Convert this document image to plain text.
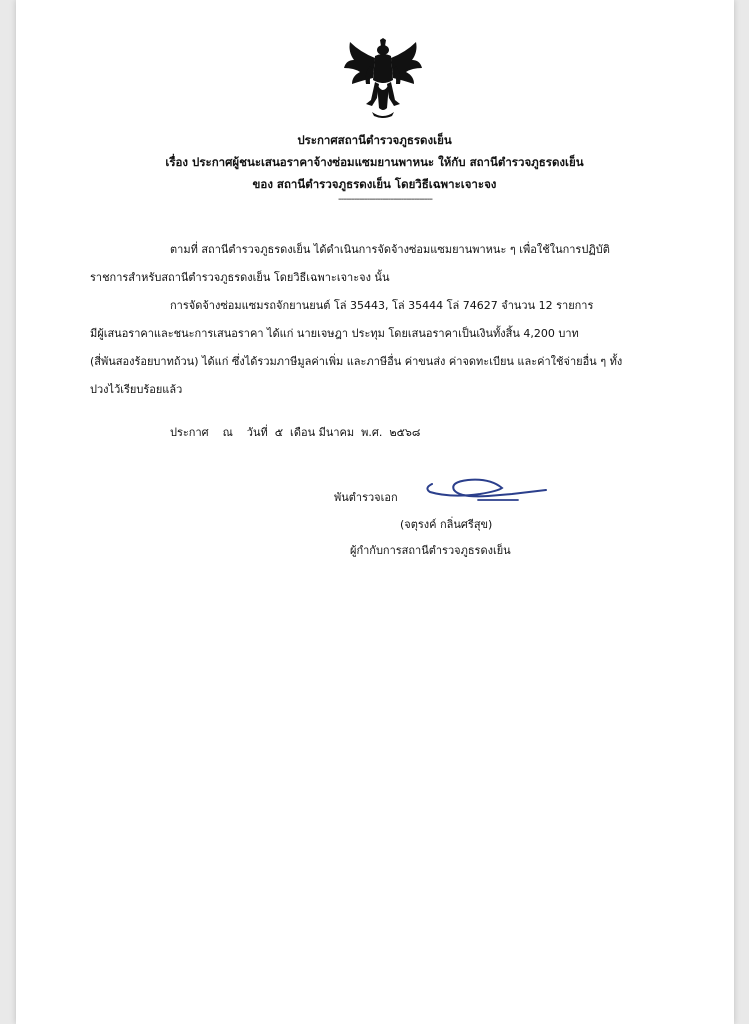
ประกาศสถานีตำรวจภูธรดงเย็น
เรื่อง ประกาศผู้ชนะเสนอราคาจ้างซ่อมแซมยานพาหนะ ให้กับ สถานีตำรวจภูธรดงเย็น
ของ สถานีตำรวจภูธรดงเย็น โดยวิธีเฉพาะเจาะจง
------------------------------------
ตามที่ สถานีตำรวจภูธรดงเย็น ได้ดำเนินการจัดจ้างซ่อมแซมยานพาหนะ ๆ เพื่อใช้ในการปฏิบัติ
ราชการสำหรับสถานีตำรวจภูธรดงเย็น โดยวิธีเฉพาะเจาะจง นั้น
การจัดจ้างซ่อมแซมรถจักยานยนต์ โล่ 35443, โล่ 35444 โล่ 74627 จำนวน 12 รายการ
มีผู้เสนอราคาและชนะการเสนอราคา ได้แก่ นายเจษฎา ประทุม โดยเสนอราคาเป็นเงินทั้งสิ้น 4,200 บาท
(สี่พันสองร้อยบาทถ้วน) ได้แก่ ซึ่งได้รวมภาษีมูลค่าเพิ่ม และภาษีอื่น ค่าขนส่ง ค่าจดทะเบียน และค่าใช้จ่ายอื่น ๆ ทั้ง
ปวงไว้เรียบร้อยแล้ว
ประกาศ    ณ    วันที่  ๕  เดือน มีนาคม  พ.ศ.  ๒๕๖๘
พันตำรวจเอก
(จตุรงค์ กลิ่นศรีสุข)
ผู้กำกับการสถานีตำรวจภูธรดงเย็น
